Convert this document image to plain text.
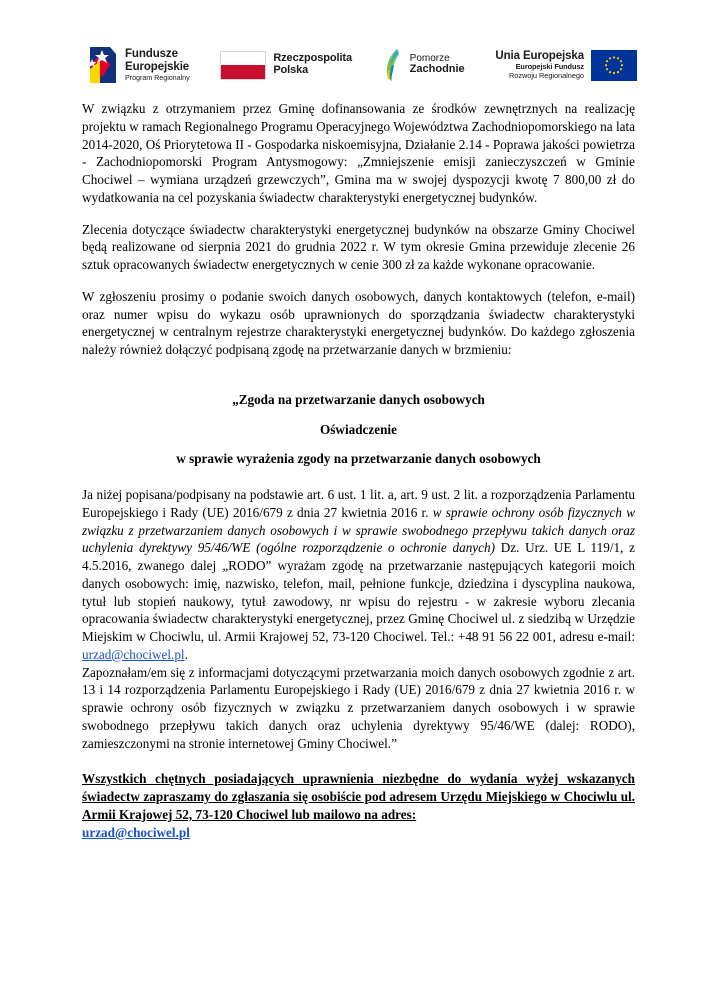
Fundusze
Europejskie
Program Regionalny
Rzeczpospolita
Polska
Pomorze
Zachodnie
Unia Europejska
Europejski Fundusz
Rozwoju Regionalnego

W związku z otrzymaniem przez Gminę dofinansowania ze środków zewnętrznych na realizację projektu w ramach Regionalnego Programu Operacyjnego Województwa Zachodniopomorskiego na lata 2014-2020, Oś Priorytetowa II - Gospodarka niskoemisyjna, Działanie 2.14 - Poprawa jakości powietrza - Zachodniopomorski Program Antysmogowy: „Zmniejszenie emisji zanieczyszczeń w Gminie Chociwel – wymiana urządzeń grzewczych”, Gmina ma w swojej dyspozycji kwotę 7 800,00 zł do wydatkowania na cel pozyskania świadectw charakterystyki energetycznej budynków.

Zlecenia dotyczące świadectw charakterystyki energetycznej budynków na obszarze Gminy Chociwel będą realizowane od sierpnia 2021 do grudnia 2022 r. W tym okresie Gmina przewiduje zlecenie 26 sztuk opracowanych świadectw energetycznych w cenie 300 zł za każde wykonane opracowanie.

W zgłoszeniu prosimy o podanie swoich danych osobowych, danych kontaktowych (telefon, e-mail) oraz numer wpisu do wykazu osób uprawnionych do sporządzania świadectw charakterystyki energetycznej w centralnym rejestrze charakterystyki energetycznej budynków. Do każdego zgłoszenia należy również dołączyć podpisaną zgodę na przetwarzanie danych w brzmieniu:

„Zgoda na przetwarzanie danych osobowych

Oświadczenie

w sprawie wyrażenia zgody na przetwarzanie danych osobowych

Ja niżej popisana/podpisany na podstawie art. 6 ust. 1 lit. a, art. 9 ust. 2 lit. a rozporządzenia Parlamentu Europejskiego i Rady (UE) 2016/679 z dnia 27 kwietnia 2016 r. w sprawie ochrony osób fizycznych w związku z przetwarzaniem danych osobowych i w sprawie swobodnego przepływu takich danych oraz uchylenia dyrektywy 95/46/WE (ogólne rozporządzenie o ochronie danych) Dz. Urz. UE L 119/1, z 4.5.2016, zwanego dalej „RODO” wyrażam zgodę na przetwarzanie następujących kategorii moich danych osobowych: imię, nazwisko, telefon, mail, pełnione funkcje, dziedzina i dyscyplina naukowa, tytuł lub stopień naukowy, tytuł zawodowy, nr wpisu do rejestru - w zakresie wyboru zlecania opracowania świadectw charakterystyki energetycznej, przez Gminę Chociwel ul. z siedzibą w Urzędzie Miejskim w Chociwlu, ul. Armii Krajowej 52, 73-120 Chociwel. Tel.: +48 91 56 22 001, adresu e-mail: urzad@chociwel.pl.

Zapoznałam/em się z informacjami dotyczącymi przetwarzania moich danych osobowych zgodnie z art. 13 i 14 rozporządzenia Parlamentu Europejskiego i Rady (UE) 2016/679 z dnia 27 kwietnia 2016 r. w sprawie ochrony osób fizycznych w związku z przetwarzaniem danych osobowych i w sprawie swobodnego przepływu takich danych oraz uchylenia dyrektywy 95/46/WE (dalej: RODO), zamieszczonymi na stronie internetowej Gminy Chociwel.”

Wszystkich chętnych posiadających uprawnienia niezbędne do wydania wyżej wskazanych świadectw zapraszamy do zgłaszania się osobiście pod adresem Urzędu Miejskiego w Chociwlu ul. Armii Krajowej 52, 73-120 Chociwel lub mailowo na adres:

urzad@chociwel.pl
